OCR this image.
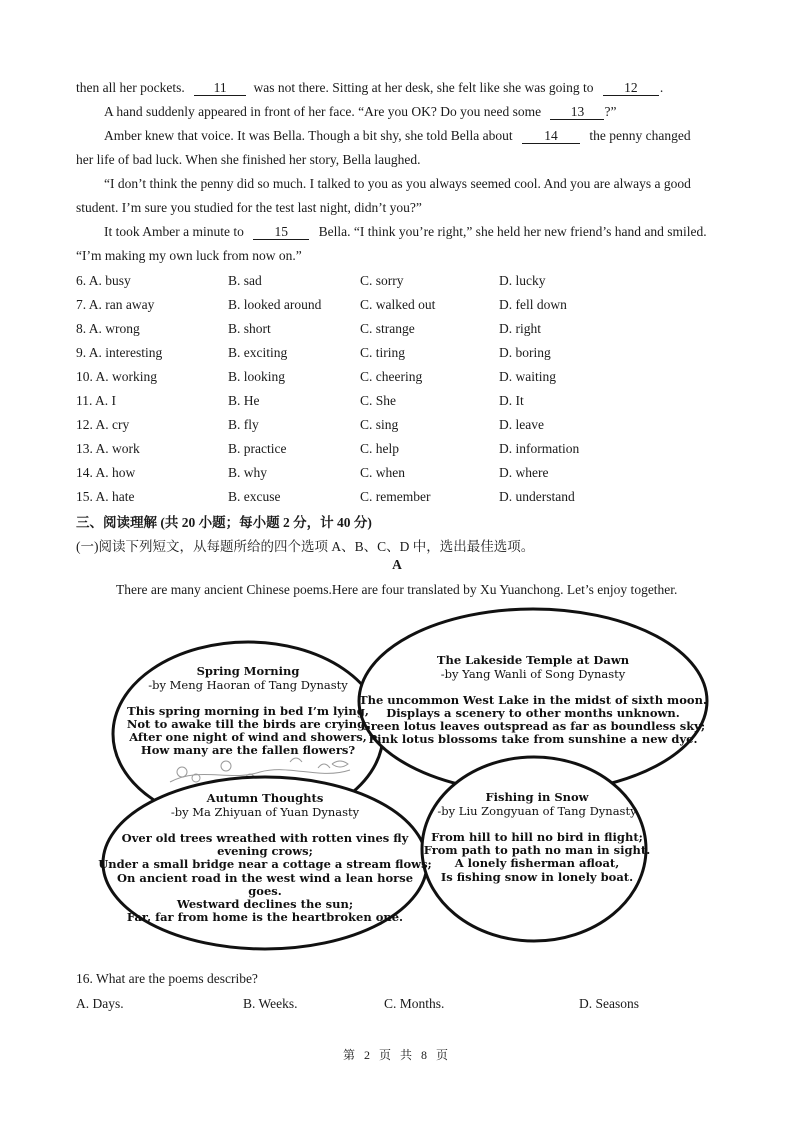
then all her pockets. 11 was not there. Sitting at her desk, she felt like she was going to 12 .
A hand suddenly appeared in front of her face. “Are you OK? Do you need some 13 ?”
Amber knew that voice. It was Bella. Though a bit shy, she told Bella about 14 the penny changed
her life of bad luck. When she finished her story, Bella laughed.
“I don’t think the penny did so much. I talked to you as you always seemed cool. And you are always a good
student. I’m sure you studied for the test last night, didn’t you?”
It took Amber a minute to 15 Bella. “I think you’re right,” she held her new friend’s hand and smiled.
“I’m making my own luck from now on.”
6. A. busy	B. sad	C. sorry	D. lucky
7. A. ran away	B. looked around	C. walked out	D. fell down
8. A. wrong	B. short	C. strange	D. right
9. A. interesting	B. exciting	C. tiring	D. boring
10. A. working	B. looking	C. cheering	D. waiting
11. A. I	B. He	C. She	D. It
12. A. cry	B. fly	C. sing	D. leave
13. A. work	B. practice	C. help	D. information
14. A. how	B. why	C. when	D. where
15. A. hate	B. excuse	C. remember	D. understand
三、阅读理解 (共 20 小题；每小题 2 分，计 40 分)
(一)阅读下列短文，从每题所给的四个选项 A、B、C、D 中，选出最佳选项。
A
There are many ancient Chinese poems.Here are four translated by Xu Yuanchong. Let’s enjoy together.
Spring Morning
-by Meng Haoran of Tang Dynasty
This spring morning in bed I’m lying,
Not to awake till the birds are crying.
After one night of wind and showers,
How many are the fallen flowers?
The Lakeside Temple at Dawn
-by Yang Wanli of Song Dynasty
The uncommon West Lake in the midst of sixth moon.
Displays a scenery to other months unknown.
Green lotus leaves outspread as far as boundless sky;
Pink lotus blossoms take from sunshine a new dye.
Autumn Thoughts
-by Ma Zhiyuan of Yuan Dynasty
Over old trees wreathed with rotten vines fly
evening crows;
Under a small bridge near a cottage a stream flows;
On ancient road in the west wind a lean horse
goes.
Westward declines the sun;
Far, far from home is the heartbroken one.
Fishing in Snow
-by Liu Zongyuan of Tang Dynasty
From hill to hill no bird in flight;
From path to path no man in sight.
A lonely fisherman afloat,
Is fishing snow in lonely boat.
16. What are the poems describe?
A. Days.	B. Weeks.	C. Months.	D. Seasons
第 2 页 共 8 页
